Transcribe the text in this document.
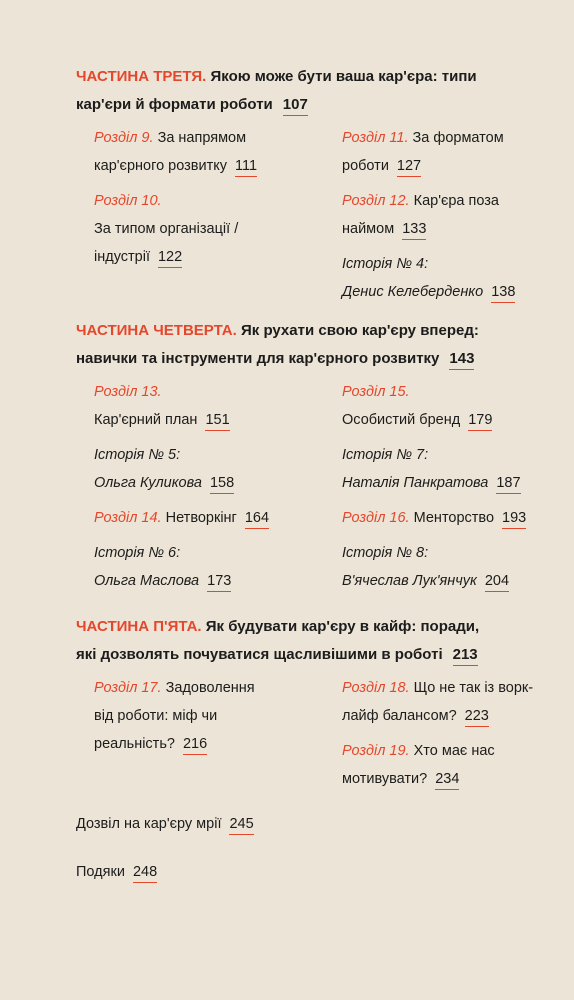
ЧАСТИНА ТРЕТЯ. Якою може бути ваша кар'єра: типи
кар'єри й формати роботи 107
Розділ 9. За напрямом
кар'єрного розвитку 111
Розділ 10.
За типом організації /
індустрії 122
Розділ 11. За форматом
роботи 127
Розділ 12. Кар'єра поза
наймом 133
Історія № 4:
Денис Келеберденко 138
ЧАСТИНА ЧЕТВЕРТА. Як рухати свою кар'єру вперед:
навички та інструменти для кар'єрного розвитку 143
Розділ 13.
Кар'єрний план 151
Історія № 5:
Ольга Куликова 158
Розділ 14. Нетворкінг 164
Історія № 6:
Ольга Маслова 173
Розділ 15.
Особистий бренд 179
Історія № 7:
Наталія Панкратова 187
Розділ 16. Менторство 193
Історія № 8:
В'ячеслав Лук'янчук 204
ЧАСТИНА П'ЯТА. Як будувати кар'єру в кайф: поради,
які дозволять почуватися щасливішими в роботі 213
Розділ 17. Задоволення
від роботи: міф чи
реальність? 216
Розділ 18. Що не так із ворк-
лайф балансом? 223
Розділ 19. Хто має нас
мотивувати? 234
Дозвіл на кар'єру мрії 245
Подяки 248
